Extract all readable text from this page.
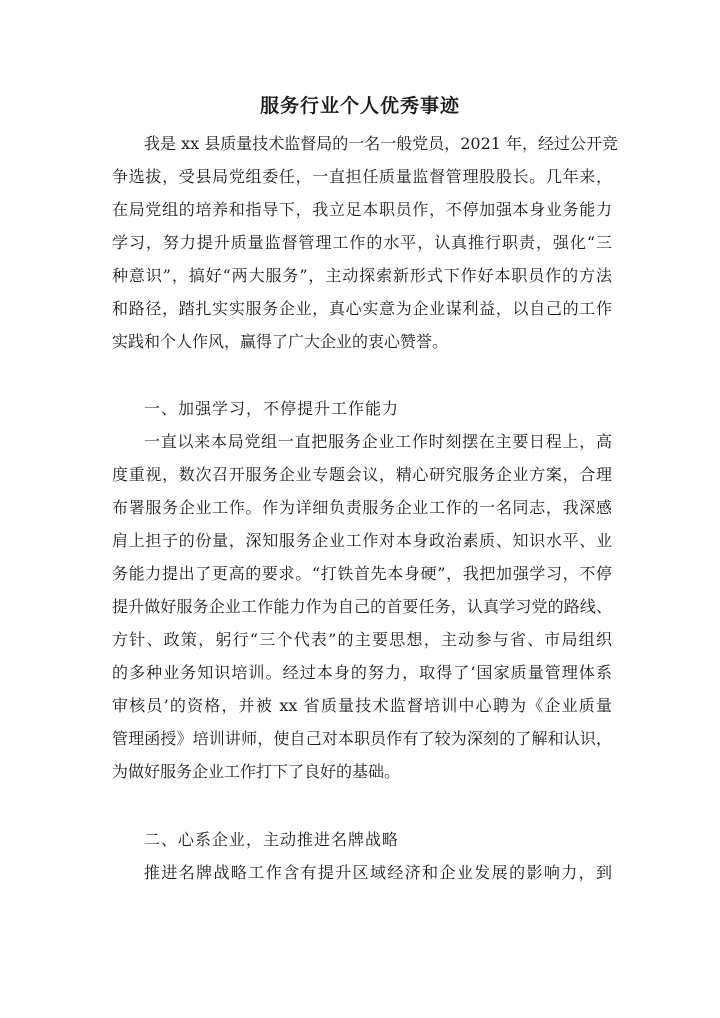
服务行业个人优秀事迹
我是 xx 县质量技术监督局的一名一般党员，2021 年，经过公开竞
争选拔，受县局党组委任，一直担任质量监督管理股股长。几年来，
在局党组的培养和指导下，我立足本职员作，不停加强本身业务能力
学习，努力提升质量监督管理工作的水平，认真推行职责，强化“三
种意识”，搞好“两大服务”，主动探索新形式下作好本职员作的方法
和路径，踏扎实实服务企业，真心实意为企业谋利益，以自己的工作
实践和个人作风，赢得了广大企业的衷心赞誉。
一、加强学习，不停提升工作能力
一直以来本局党组一直把服务企业工作时刻摆在主要日程上，高
度重视，数次召开服务企业专题会议，精心研究服务企业方案，合理
布署服务企业工作。作为详细负责服务企业工作的一名同志，我深感
肩上担子的份量，深知服务企业工作对本身政治素质、知识水平、业
务能力提出了更高的要求。“打铁首先本身硬”，我把加强学习，不停
提升做好服务企业工作能力作为自己的首要任务，认真学习党的路线、
方针、政策，躬行“三个代表”的主要思想，主动参与省、市局组织
的多种业务知识培训。经过本身的努力，取得了‘国家质量管理体系
审核员’的资格，并被 xx 省质量技术监督培训中心聘为《企业质量
管理函授》培训讲师，使自己对本职员作有了较为深刻的了解和认识，
为做好服务企业工作打下了良好的基础。
二、心系企业，主动推进名牌战略
推进名牌战略工作含有提升区域经济和企业发展的影响力，到
